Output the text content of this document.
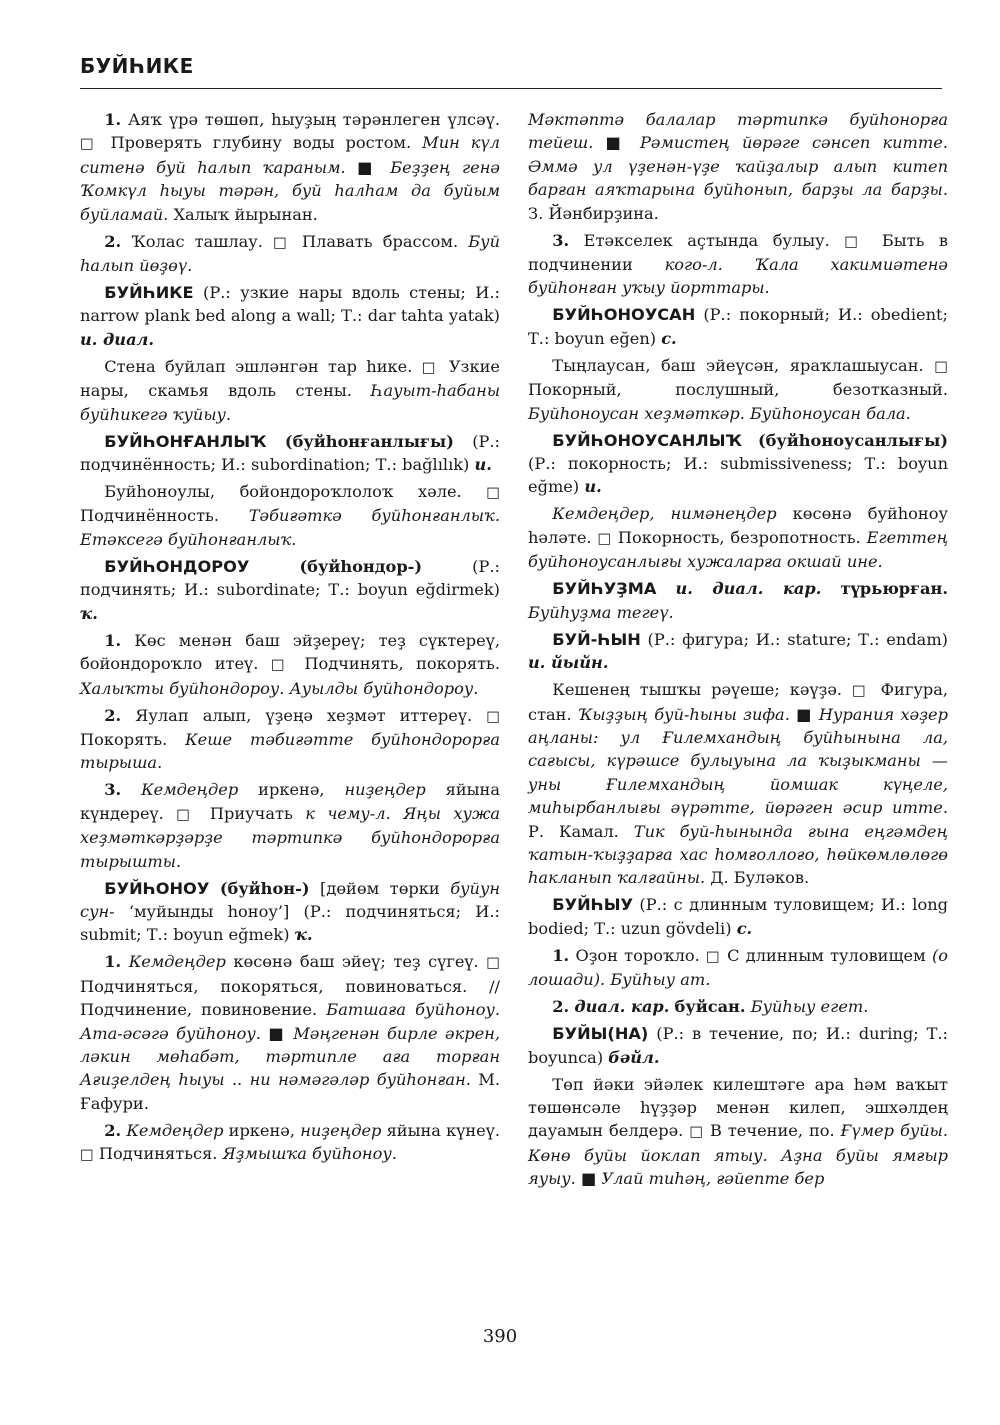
БУЙҺИКЕ

1. Аяҡ үрә төшөп, һыуҙың тәрәнлеген үлсәү. □ Проверять глубину воды ростом. Мин күл ситенә буй һалып ҡараным. ■ Беҙҙең генә Ҡомкүл һыуы тәрән, буй һалһам да буйым буйламай. Халыҡ йырынан.

2. Ҡолас ташлау. □ Плавать брассом. Буй һалып йөҙөү.

БУЙҺИКЕ (Р.: узкие нары вдоль стены; И.: narrow plank bed along a wall; Т.: dar tahta yatak) и. диал.

Стена буйлап эшләнгән тар һике. □ Узкие нары, скамья вдоль стены. Һауыт-һабаны буйһикегә ҡуйыу.

БУЙҺОНҒАНЛЫҠ (буйһонғанлығы) (Р.: подчинённость; И.: subordination; Т.: bağlılık) и.

Буйһоноулы, бойондороҡлолоҡ хәле. □ Подчинённость. Тәбиғәткә буйһонғанлыҡ. Етәксегә буйһонғанлыҡ.

БУЙҺОНДОРОУ	(буйһондор-) (Р.: подчинять; И.: subordinate; Т.: boyun eğdirmek) ҡ.

1. Көс менән баш эйҙереү; теҙ сүктереү, бойондороҡло итеү. □ Подчинять, покорять. Халыҡты буйһондороу. Ауылды буйһондороу.

2. Яулап алып, үҙеңә хеҙмәт иттереү. □ Покорять. Кеше тәбиғәтте буйһондорорға тырыша.

3. Кемдеңдер иркенә, ниҙеңдер яйына күндереү. □ Приучать к чему-л. Яңы хужа хеҙмәткәрҙәрҙе тәртипкә буйһондорорға тырышты.

БУЙҺОНОУ (буйһон-) [дөйөм төрки буйун сун- ‘муйынды һоноу’] (Р.: подчиняться; И.: submit; Т.: boyun eğmek) ҡ.

1. Кемдеңдер көсөнә баш эйеү; теҙ сүгеү. □ Подчиняться, покоряться, повиноваться. // Подчинение, повиновение. Батшаға буйһоноу. Ата-әсәгә буйһоноу. ■ Мәңгенән бирле әкрен, ләкин мөһабәт, тәртипле аға торған Ағиҙелдең һыуы .. ни нәмәгәләр буйһонған. М. Ғафури.

2. Кемдеңдер иркенә, ниҙеңдер яйына күнеү. □ Подчиняться. Яҙмышҡа буйһоноу.

Мәктәптә балалар тәртипкә буйһонорға тейеш. ■ Рәмистең йөрәге сәнсеп китте. Әммә ул үҙенән-үҙе ҡайҙалыр алып китеп барған аяҡтарына буйһонып, барҙы ла барҙы. З. Йәнбирҙина.

3. Етәкселек аҫтында булыу. □ Быть в подчинении кого-л. Ҡала хакимиәтенә буйһонған уҡыу йорттары.

БУЙҺОНОУСАН (Р.: покорный; И.: obedient; Т.: boyun eğen) с.

Тыңлаусан, баш эйеүсән, яраҡлашыусан. □ Покорный, послушный, безотказный. Буйһоноусан хеҙмәткәр. Буйһоноусан бала.

БУЙҺОНОУСАНЛЫҠ (буйһоноусанлығы) (Р.: покорность; И.: submissiveness; Т.: boyun eğme) и.

Кемдеңдер, нимәнеңдер көсөнә буйһоноу һәләте. □ Покорность, безропотность. Егеттең буйһоноусанлығы хужаларға окшай ине.

БУЙҺУҘМА и. диал. кар. түрьюрған. Буйһуҙма тегеү.

БУЙ-ҺЫН (Р.: фигура; И.: stature; Т.: endam) и. йыйн.

Кешенең тышҡы рәүеше; кәүҙә. □ Фигура, стан. Ҡыҙҙың буй-һыны зифа. ■ Нурания хәҙер аңланы: ул Ғилемхандың буйһынына ла, сағысы, күрәшсе булыуына ла ҡыҙыкманы — уны Ғилемхандың йомшак күңеле, миһырбанлығы әүрәтте, йөрәген әсир итте. Р. Камал. Тик буй-һынында ғына еңгәмдең ҡатын-ҡыҙҙарға хас һомғоллоғо, һөйкөмлөлөгө һакланып ҡалғайны. Д. Буләков.

БУЙҺЫУ (Р.: с длинным туловищем; И.: long bodied; Т.: uzun gövdeli) с.

1. Оҙон тороҡло. □ С длинным туловищем (о лошади). Буйһыу ат.

2. диал. кар. буйсан. Буйһыу егет.

БУЙЫ(НА) (Р.: в течение, по; И.: during; Т.: boyunca) бәйл.

Төп йәки эйәлек килештәге ара һәм ваҡыт төшөнсәле һүҙҙәр менән килеп, эшхәлдең дауамын белдерә. □ В течение, по. Ғүмер буйы. Көнө буйы йоклап ятыу. Аҙна буйы ямғыр яуыу. ■ Улай тиһәң, ғәйепте бер

390
